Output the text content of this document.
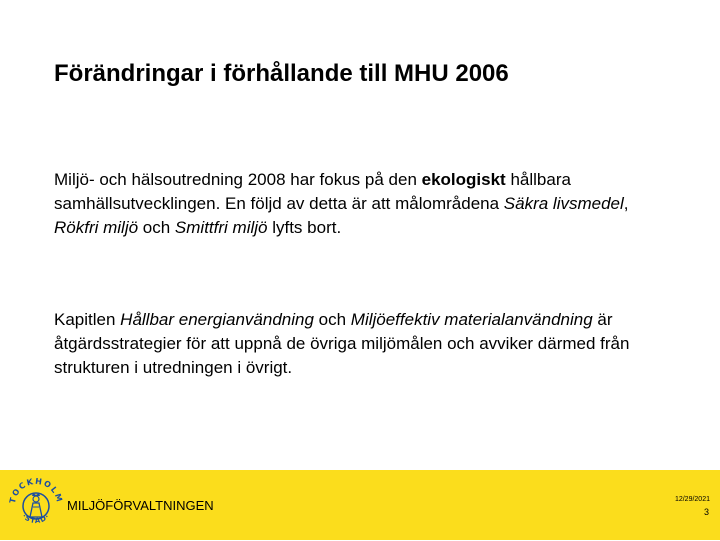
Förändringar i förhållande till MHU 2006
Miljö- och hälsoutredning 2008 har fokus på den ekologiskt hållbara samhällsutvecklingen. En följd av detta är att målområdena Säkra livsmedel, Rökfri miljö och Smittfri miljö lyfts bort.
Kapitlen Hållbar energianvändning och Miljöeffektiv materialanvändning är åtgärdsstrategier för att uppnå de övriga miljömålen och avviker därmed från strukturen i utredningen i övrigt.
TOCKHOLM
·STAD·
MILJÖFÖRVALTNINGEN	12/29/2021
3
